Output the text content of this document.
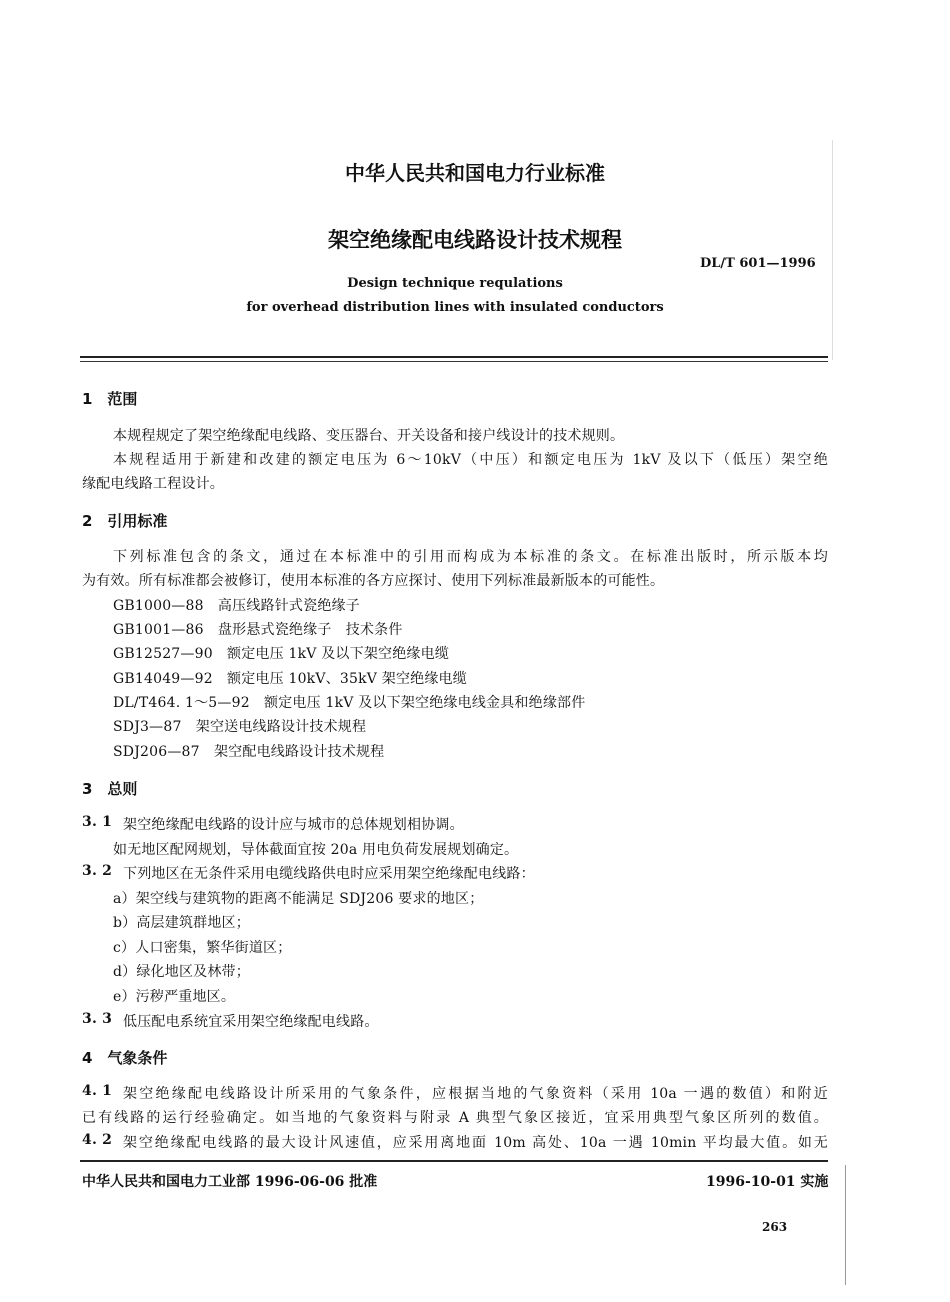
中华人民共和国电力行业标准
架空绝缘配电线路设计技术规程
DL/T 601—1996
Design technique requlations
for overhead distribution lines with insulated conductors
1　范围
本规程规定了架空绝缘配电线路、变压器台、开关设备和接户线设计的技术规则。
本规程适用于新建和改建的额定电压为 6～10kV（中压）和额定电压为 1kV 及以下（低压）架空绝
缘配电线路工程设计。
2　引用标准
下列标准包含的条文，通过在本标准中的引用而构成为本标准的条文。在标准出版时，所示版本均
为有效。所有标准都会被修订，使用本标准的各方应探讨、使用下列标准最新版本的可能性。
GB1000—88　高压线路针式瓷绝缘子
GB1001—86　盘形悬式瓷绝缘子　技术条件
GB12527—90　额定电压 1kV 及以下架空绝缘电缆
GB14049—92　额定电压 10kV、35kV 架空绝缘电缆
DL/T464. 1～5—92　额定电压 1kV 及以下架空绝缘电线金具和绝缘部件
SDJ3—87　架空送电线路设计技术规程
SDJ206—87　架空配电线路设计技术规程
3　总则
3. 1 架空绝缘配电线路的设计应与城市的总体规划相协调。
如无地区配网规划，导体截面宜按 20a 用电负荷发展规划确定。
3. 2 下列地区在无条件采用电缆线路供电时应采用架空绝缘配电线路：
a）架空线与建筑物的距离不能满足 SDJ206 要求的地区；
b）高层建筑群地区；
c）人口密集，繁华街道区；
d）绿化地区及林带；
e）污秽严重地区。
3. 3 低压配电系统宜采用架空绝缘配电线路。
4　气象条件
4. 1 架空绝缘配电线路设计所采用的气象条件，应根据当地的气象资料（采用 10a 一遇的数值）和附近
已有线路的运行经验确定。如当地的气象资料与附录 A 典型气象区接近，宜采用典型气象区所列的数值。
4. 2 架空绝缘配电线路的最大设计风速值，应采用离地面 10m 高处、10a 一遇 10min 平均最大值。如无
中华人民共和国电力工业部 1996-06-06 批准	1996-10-01 实施
263
